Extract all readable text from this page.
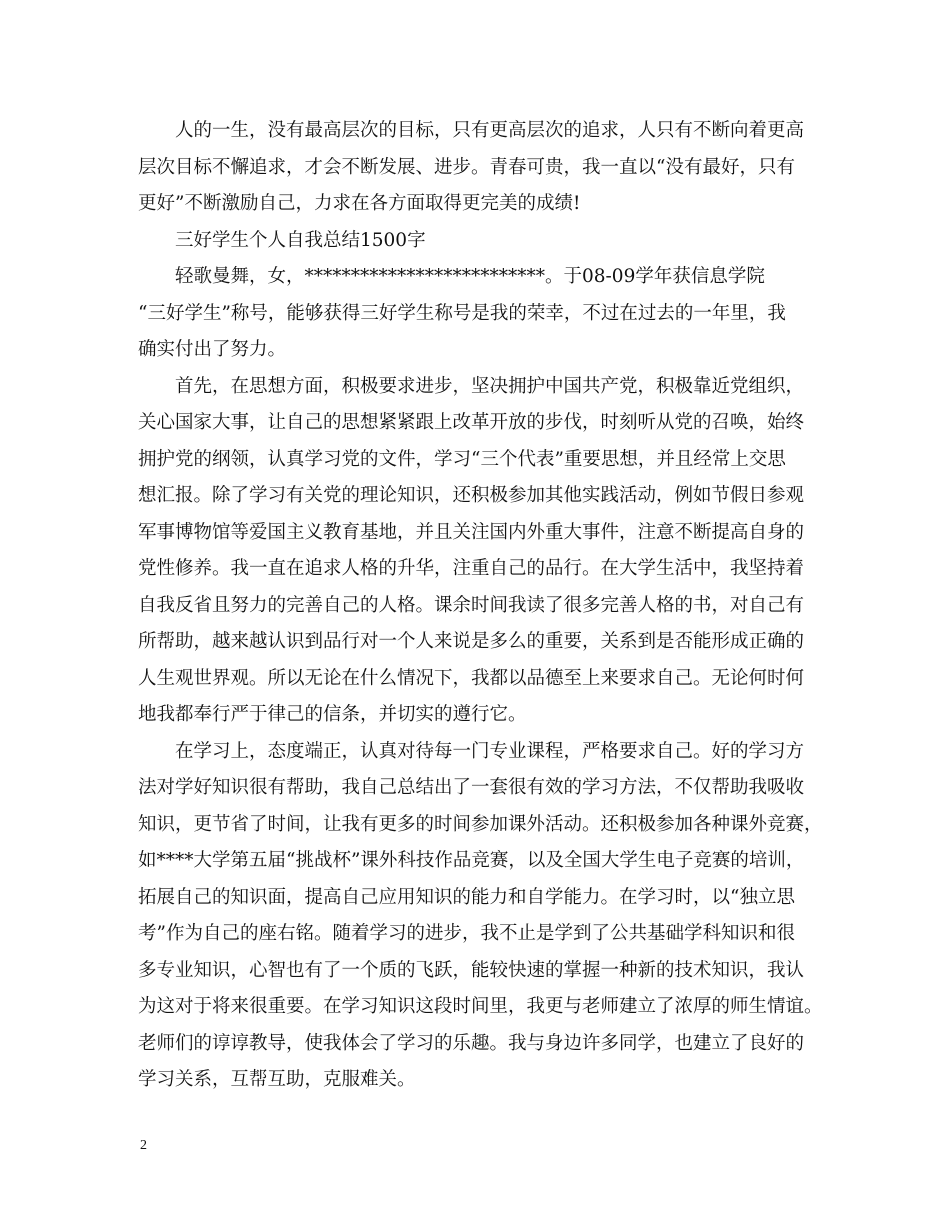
人的一生，没有最高层次的目标，只有更高层次的追求，人只有不断向着更高
层次目标不懈追求，才会不断发展、进步。青春可贵，我一直以“没有最好，只有
更好”不断激励自己，力求在各方面取得更完美的成绩!
三好学生个人自我总结1500字
轻歌曼舞，女，**************************。于08-09学年获信息学院
“三好学生”称号，能够获得三好学生称号是我的荣幸，不过在过去的一年里，我
确实付出了努力。
首先，在思想方面，积极要求进步，坚决拥护中国共产党，积极靠近党组织，
关心国家大事，让自己的思想紧紧跟上改革开放的步伐，时刻听从党的召唤，始终
拥护党的纲领，认真学习党的文件，学习“三个代表”重要思想，并且经常上交思
想汇报。除了学习有关党的理论知识，还积极参加其他实践活动，例如节假日参观
军事博物馆等爱国主义教育基地，并且关注国内外重大事件，注意不断提高自身的
党性修养。我一直在追求人格的升华，注重自己的品行。在大学生活中，我坚持着
自我反省且努力的完善自己的人格。课余时间我读了很多完善人格的书，对自己有
所帮助，越来越认识到品行对一个人来说是多么的重要，关系到是否能形成正确的
人生观世界观。所以无论在什么情况下，我都以品德至上来要求自己。无论何时何
地我都奉行严于律己的信条，并切实的遵行它。
在学习上，态度端正，认真对待每一门专业课程，严格要求自己。好的学习方
法对学好知识很有帮助，我自己总结出了一套很有效的学习方法，不仅帮助我吸收
知识，更节省了时间，让我有更多的时间参加课外活动。还积极参加各种课外竞赛，
如****大学第五届“挑战杯”课外科技作品竞赛，以及全国大学生电子竞赛的培训，
拓展自己的知识面，提高自己应用知识的能力和自学能力。在学习时，以“独立思
考”作为自己的座右铭。随着学习的进步，我不止是学到了公共基础学科知识和很
多专业知识，心智也有了一个质的飞跃，能较快速的掌握一种新的技术知识，我认
为这对于将来很重要。在学习知识这段时间里，我更与老师建立了浓厚的师生情谊。
老师们的谆谆教导，使我体会了学习的乐趣。我与身边许多同学，也建立了良好的
学习关系，互帮互助，克服难关。
2
